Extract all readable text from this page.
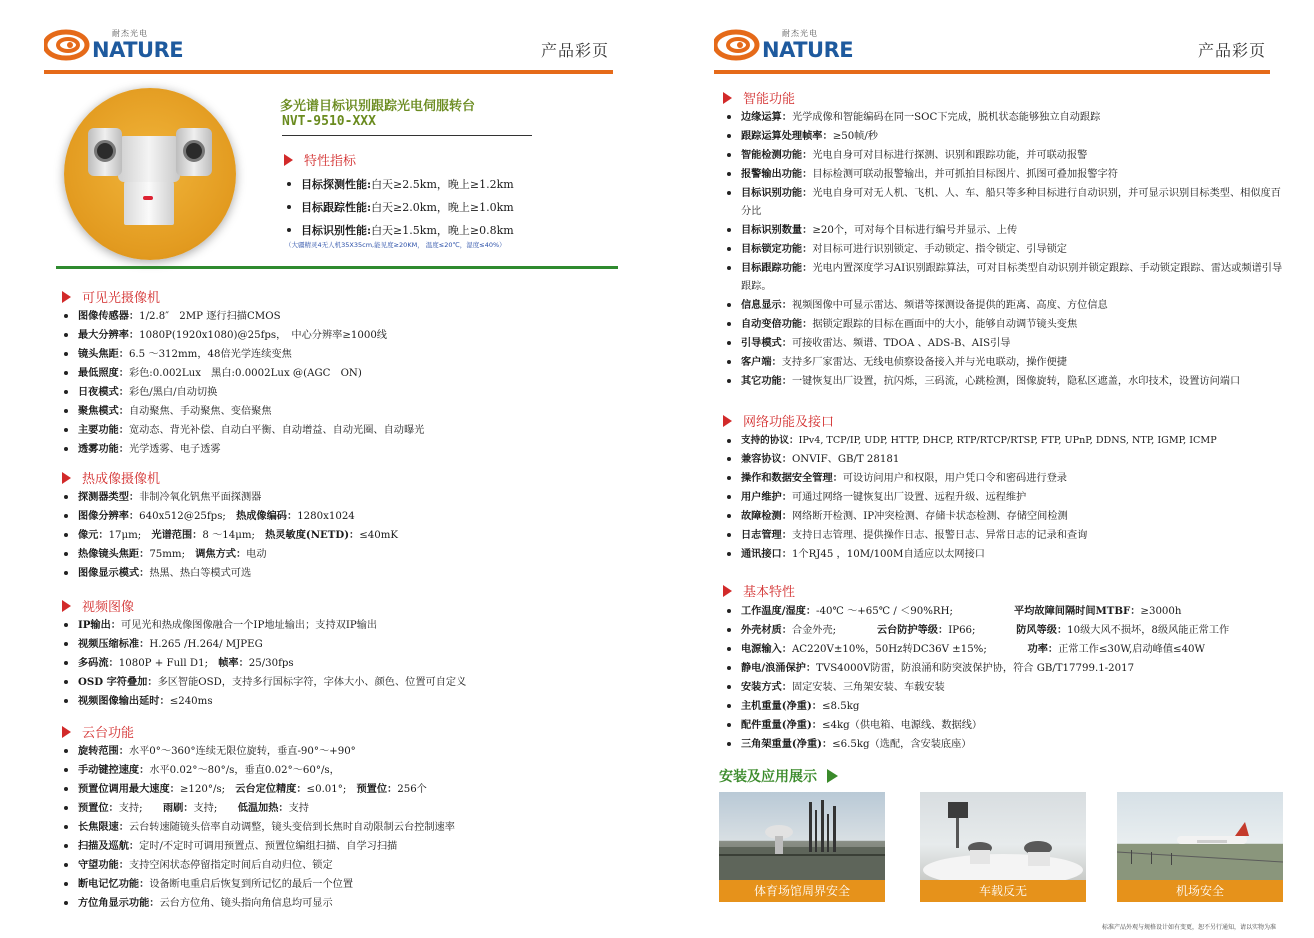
耐杰光电
NATURE	产品彩页
多光谱目标识别跟踪光电伺服转台
NVT-9510-XXX
特性指标
目标探测性能:白天≥2.5km，晚上≥1.2km
目标跟踪性能:白天≥2.0km，晚上≥1.0km
目标识别性能:白天≥1.5km，晚上≥0.8km
（大疆精灵4无人机35X35cm,能见度≥20KM， 温度≤20℃，湿度≤40%）
可见光摄像机
图像传感器：1/2.8″　2MP 逐行扫描CMOS
最大分辨率：1080P(1920x1080)@25fps，　中心分辨率≥1000线
镜头焦距：6.5 ～312mm，48倍光学连续变焦
最低照度：彩色:0.002Lux　黑白:0.0002Lux @(AGC　ON)
日夜模式：彩色/黑白/自动切换
聚焦模式：自动聚焦、手动聚焦、变倍聚焦
主要功能：宽动态、背光补偿、自动白平衡、自动增益、自动光圈、自动曝光
透雾功能：光学透雾、电子透雾
热成像摄像机
探测器类型：非制冷氧化钒焦平面探测器
图像分辨率：640x512@25fps;　热成像编码：1280x1024
像元：17μm;　光谱范围：8 ～14μm;　热灵敏度(NETD)：≤40mK
热像镜头焦距：75mm;　调焦方式：电动
图像显示模式：热黑、热白等模式可选
视频图像
IP输出：可见光和热成像图像融合一个IP地址输出；支持双IP输出
视频压缩标准：H.265 /H.264/ MJPEG
多码流：1080P + Full D1;　帧率：25/30fps
OSD 字符叠加：多区智能OSD，支持多行国标字符，字体大小、颜色、位置可自定义
视频图像输出延时：≤240ms
云台功能
旋转范围：水平0°～360°连续无限位旋转，垂直-90°～+90°
手动键控速度：水平0.02°～80°/s，垂直0.02°～60°/s，
预置位调用最大速度：≥120°/s;　云台定位精度：≤0.01°;　预置位：256个
预置位：支持;　　雨刷：支持;　　低温加热：支持
长焦限速：云台转速随镜头倍率自动调整，镜头变倍到长焦时自动限制云台控制速率
扫描及巡航：定时/不定时可调用预置点、预置位编组扫描、自学习扫描
守望功能：支持空闲状态停留指定时间后自动归位、锁定
断电记忆功能：设备断电重启后恢复到所记忆的最后一个位置
方位角显示功能：云台方位角、镜头指向角信息均可显示
耐杰光电
NATURE	产品彩页
智能功能
边缘运算：光学成像和智能编码在同一SOC下完成，脱机状态能够独立自动跟踪
跟踪运算处理帧率：≥50帧/秒
智能检测功能：光电自身可对目标进行探测、识别和跟踪功能，并可联动报警
报警输出功能：目标检测可联动报警输出，并可抓拍目标图片、抓图可叠加报警字符
目标识别功能：光电自身可对无人机、飞机、人、车、船只等多种目标进行自动识别，并可显示识别目标类型、相似度百分比
目标识别数量：≥20个，可对每个目标进行编号并显示、上传
目标锁定功能：对目标可进行识别锁定、手动锁定、指令锁定、引导锁定
目标跟踪功能：光电内置深度学习AI识别跟踪算法，可对目标类型自动识别并锁定跟踪、手动锁定跟踪、雷达或频谱引导跟踪。
信息显示：视频图像中可显示雷达、频谱等探测设备提供的距离、高度、方位信息
自动变倍功能：据锁定跟踪的目标在画面中的大小，能够自动调节镜头变焦
引导模式：可接收雷达、频谱、TDOA 、ADS-B、AIS引导
客户端：支持多厂家雷达、无线电侦察设备接入并与光电联动，操作便捷
其它功能：一键恢复出厂设置，抗闪烁，三码流，心跳检测，图像旋转，隐私区遮盖，水印技术，设置访问端口
网络功能及接口
支持的协议：IPv4, TCP/IP, UDP, HTTP, DHCP, RTP/RTCP/RTSP, FTP, UPnP, DDNS, NTP, IGMP, ICMP
兼容协议：ONVIF、GB/T 28181
操作和数据安全管理：可设访问用户和权限，用户凭口令和密码进行登录
用户维护：可通过网络一键恢复出厂设置、远程升级、远程维护
故障检测：网络断开检测、IP冲突检测、存储卡状态检测、存储空间检测
日志管理：支持日志管理、提供操作日志、报警日志、异常日志的记录和查询
通讯接口：1个RJ45 ，10M/100M自适应以太网接口
基本特性
工作温度/湿度：-40℃ ～+65℃ / ＜90%RH;　　　　　　平均故障间隔时间MTBF：≥3000h
外壳材质：合金外壳;　　　　云台防护等级：IP66;　　　　防风等级：10级大风不损坏，8级风能正常工作
电源输入：AC220V±10%，50Hz转DC36V ±15%;　　　　功率：正常工作≤30W,启动峰值≤40W
静电/浪涌保护：TVS4000V防雷，防浪涌和防突波保护协，符合 GB/T17799.1-2017
安装方式：固定安装、三角架安装、车载安装
主机重量(净重)：≤8.5kg
配件重量(净重)：≤4kg（供电箱、电源线、数据线）
三角架重量(净重)：≤6.5kg（选配，含安装底座）
安装及应用展示
体育场馆周界安全	车载反无	机场安全
标准产品外观与规格设计如有变更，恕不另行通知，请以实物为准
